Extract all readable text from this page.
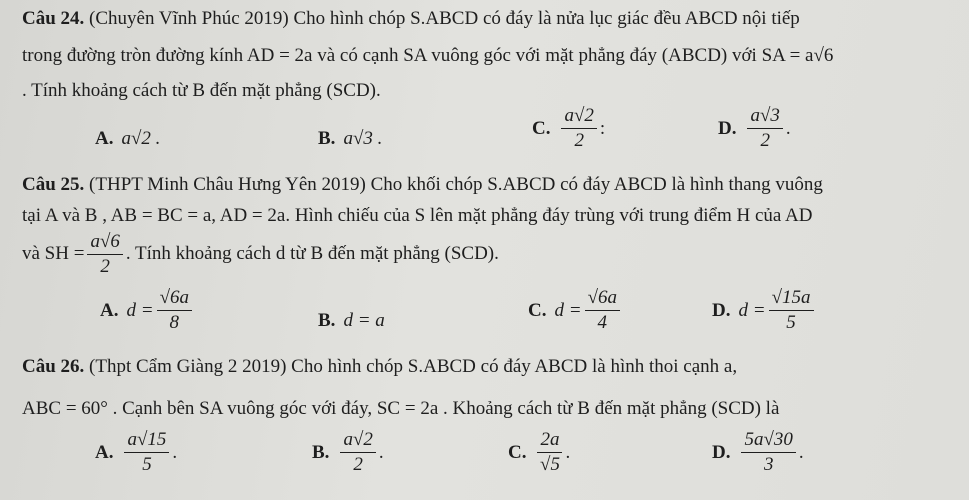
Câu 24. (Chuyên Vĩnh Phúc 2019) Cho hình chóp S.ABCD có đáy là nửa lục giác đều ABCD nội tiếp
trong đường tròn đường kính AD = 2a và có cạnh SA vuông góc với mặt phẳng đáy (ABCD) với SA = a√6
. Tính khoảng cách từ B đến mặt phẳng (SCD).
A. a√2 .	B. a√3 .	C. $\frac{a√2}{2}$ :	D. $\frac{a√3}{2}$ .
Câu 25. (THPT Minh Châu Hưng Yên 2019) Cho khối chóp S.ABCD có đáy ABCD là hình thang vuông
tại A và B , AB = BC = a, AD = 2a. Hình chiếu của S lên mặt phẳng đáy trùng với trung điểm H của AD
và SH = $\frac{a√6}{2}$ . Tính khoảng cách d từ B đến mặt phẳng (SCD).
A. $d = \frac{√6a}{8}$	B. d = a	C. $d = \frac{√6a}{4}$	D. $d = \frac{√15a}{5}$
Câu 26. (Thpt Cẩm Giàng 2 2019) Cho hình chóp S.ABCD có đáy ABCD là hình thoi cạnh a,
ABC = 60° . Cạnh bên SA vuông góc với đáy, SC = 2a . Khoảng cách từ B đến mặt phẳng (SCD) là
A. $\frac{a√15}{5}$ .	B. $\frac{a√2}{2}$ .	C. $\frac{2a}{√5}$ .	D. $\frac{5a√30}{3}$ .
